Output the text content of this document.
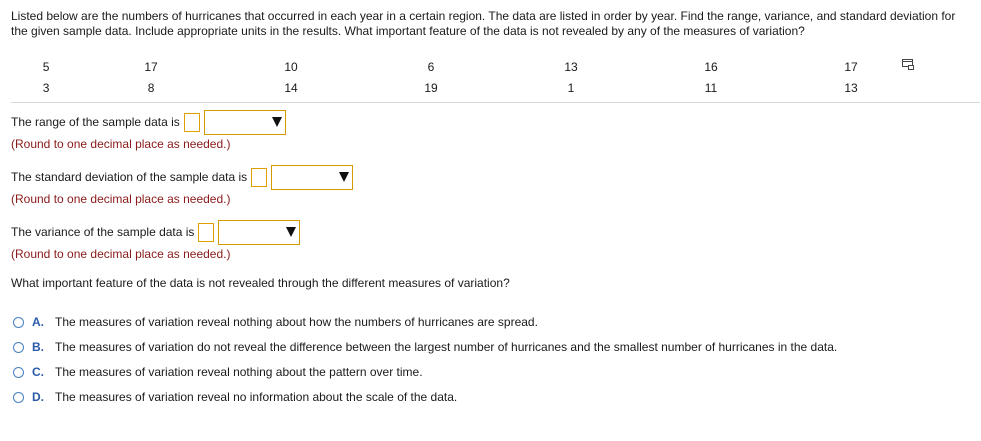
Listed below are the numbers of hurricanes that occurred in each year in a certain region. The data are listed in order by year. Find the range, variance, and standard deviation for the given sample data. Include appropriate units in the results. What important feature of the data is not revealed by any of the measures of variation?

5	17	10	6	13	16	17	
3	8	14	19	1	11	13	
The range of the sample data is
(Round to one decimal place as needed.)
The standard deviation of the sample data is
(Round to one decimal place as needed.)
The variance of the sample data is
(Round to one decimal place as needed.)
What important feature of the data is not revealed through the different measures of variation?
A. The measures of variation reveal nothing about how the numbers of hurricanes are spread.
B. The measures of variation do not reveal the difference between the largest number of hurricanes and the smallest number of hurricanes in the data.
C. The measures of variation reveal nothing about the pattern over time.
D. The measures of variation reveal no information about the scale of the data.
